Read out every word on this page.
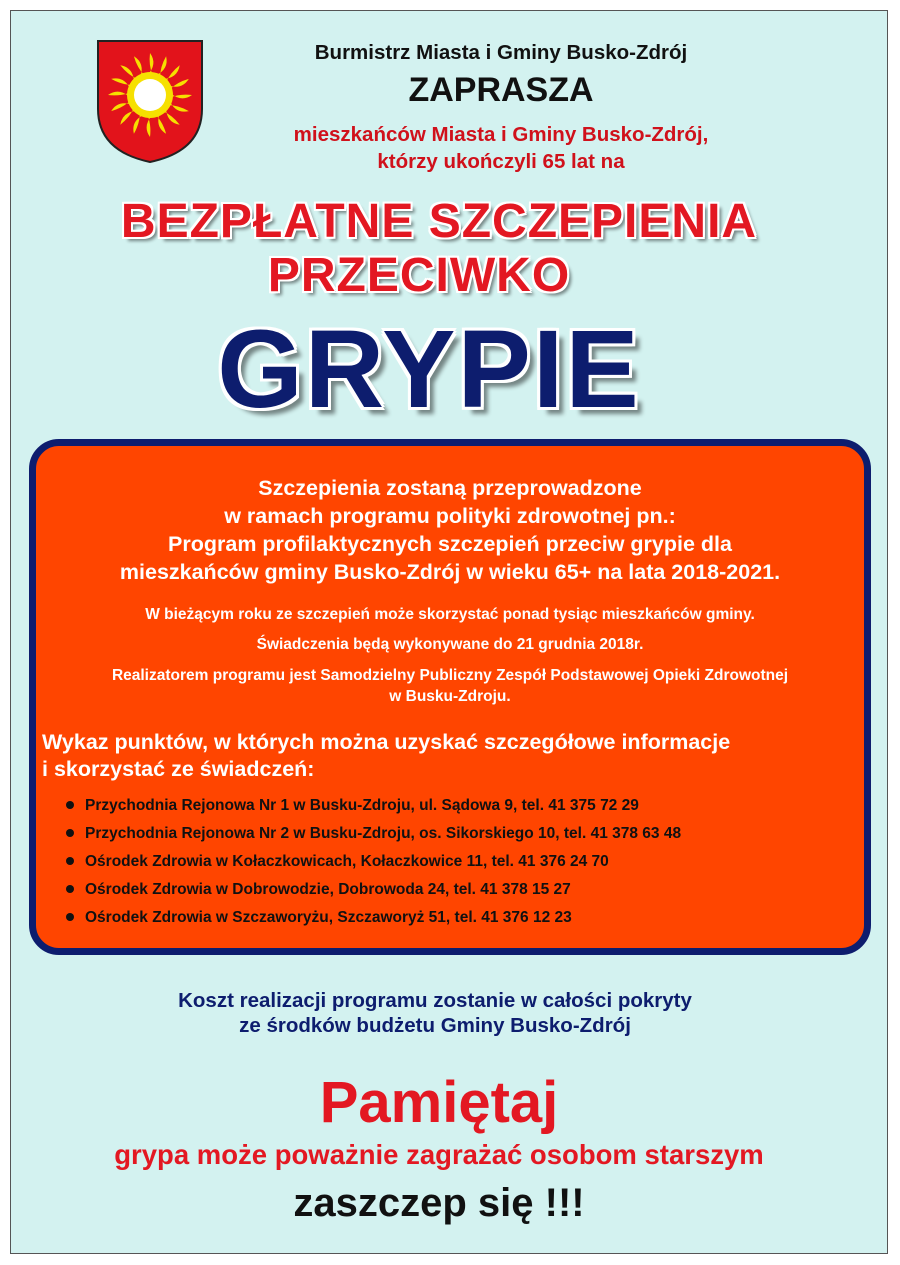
Burmistrz Miasta i Gminy Busko-Zdrój
ZAPRASZA
mieszkańców Miasta i Gminy Busko-Zdrój,
którzy ukończyli 65 lat na
BEZPŁATNE SZCZEPIENIA
PRZECIWKO
GRYPIE
Szczepienia zostaną przeprowadzone
w ramach programu polityki zdrowotnej pn.:
Program profilaktycznych szczepień przeciw grypie dla
mieszkańców gminy Busko-Zdrój w wieku 65+ na lata 2018-2021.
W bieżącym roku ze szczepień może skorzystać ponad tysiąc mieszkańców gminy.
Świadczenia będą wykonywane do 21 grudnia 2018r.
Realizatorem programu jest Samodzielny Publiczny Zespół Podstawowej Opieki Zdrowotnej
w Busku-Zdroju.
Wykaz punktów, w których można uzyskać szczegółowe informacje
i skorzystać ze świadczeń:
Przychodnia Rejonowa Nr 1 w Busku-Zdroju, ul. Sądowa 9, tel. 41 375 72 29
Przychodnia Rejonowa Nr 2 w Busku-Zdroju, os. Sikorskiego 10, tel. 41 378 63 48
Ośrodek Zdrowia w Kołaczkowicach, Kołaczkowice 11, tel. 41 376 24 70
Ośrodek Zdrowia w Dobrowodzie, Dobrowoda 24, tel. 41 378 15 27
Ośrodek Zdrowia w Szczaworyżu, Szczaworyż 51, tel. 41 376 12 23
Koszt realizacji programu zostanie w całości pokryty
ze środków budżetu Gminy Busko-Zdrój
Pamiętaj
grypa może poważnie zagrażać osobom starszym
zaszczep się !!!
